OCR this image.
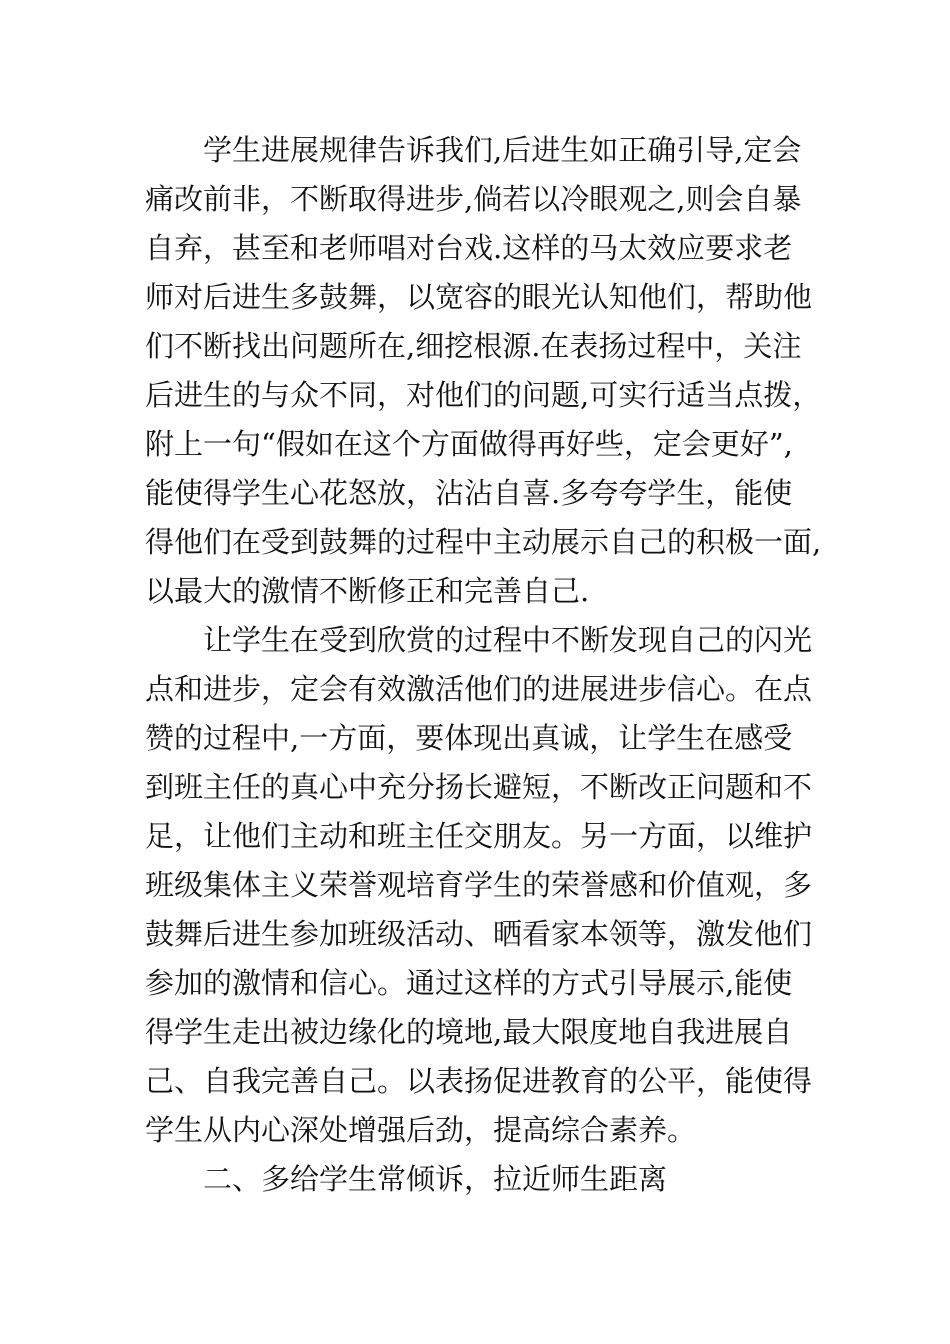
学生进展规律告诉我们,后进生如正确引导,定会
痛改前非，不断取得进步,倘若以冷眼观之,则会自暴
自弃，甚至和老师唱对台戏.这样的马太效应要求老
师对后进生多鼓舞，以宽容的眼光认知他们，帮助他
们不断找出问题所在,细挖根源.在表扬过程中，关注
后进生的与众不同，对他们的问题,可实行适当点拨，
附上一句“假如在这个方面做得再好些，定会更好”,
能使得学生心花怒放，沾沾自喜.多夸夸学生，能使
得他们在受到鼓舞的过程中主动展示自己的积极一面,
以最大的激情不断修正和完善自己.
让学生在受到欣赏的过程中不断发现自己的闪光
点和进步，定会有效激活他们的进展进步信心。在点
赞的过程中,一方面，要体现出真诚，让学生在感受
到班主任的真心中充分扬长避短，不断改正问题和不
足，让他们主动和班主任交朋友。另一方面，以维护
班级集体主义荣誉观培育学生的荣誉感和价值观，多
鼓舞后进生参加班级活动、晒看家本领等，激发他们
参加的激情和信心。通过这样的方式引导展示,能使
得学生走出被边缘化的境地,最大限度地自我进展自
己、自我完善自己。以表扬促进教育的公平，能使得
学生从内心深处增强后劲，提高综合素养。
二、多给学生常倾诉，拉近师生距离
